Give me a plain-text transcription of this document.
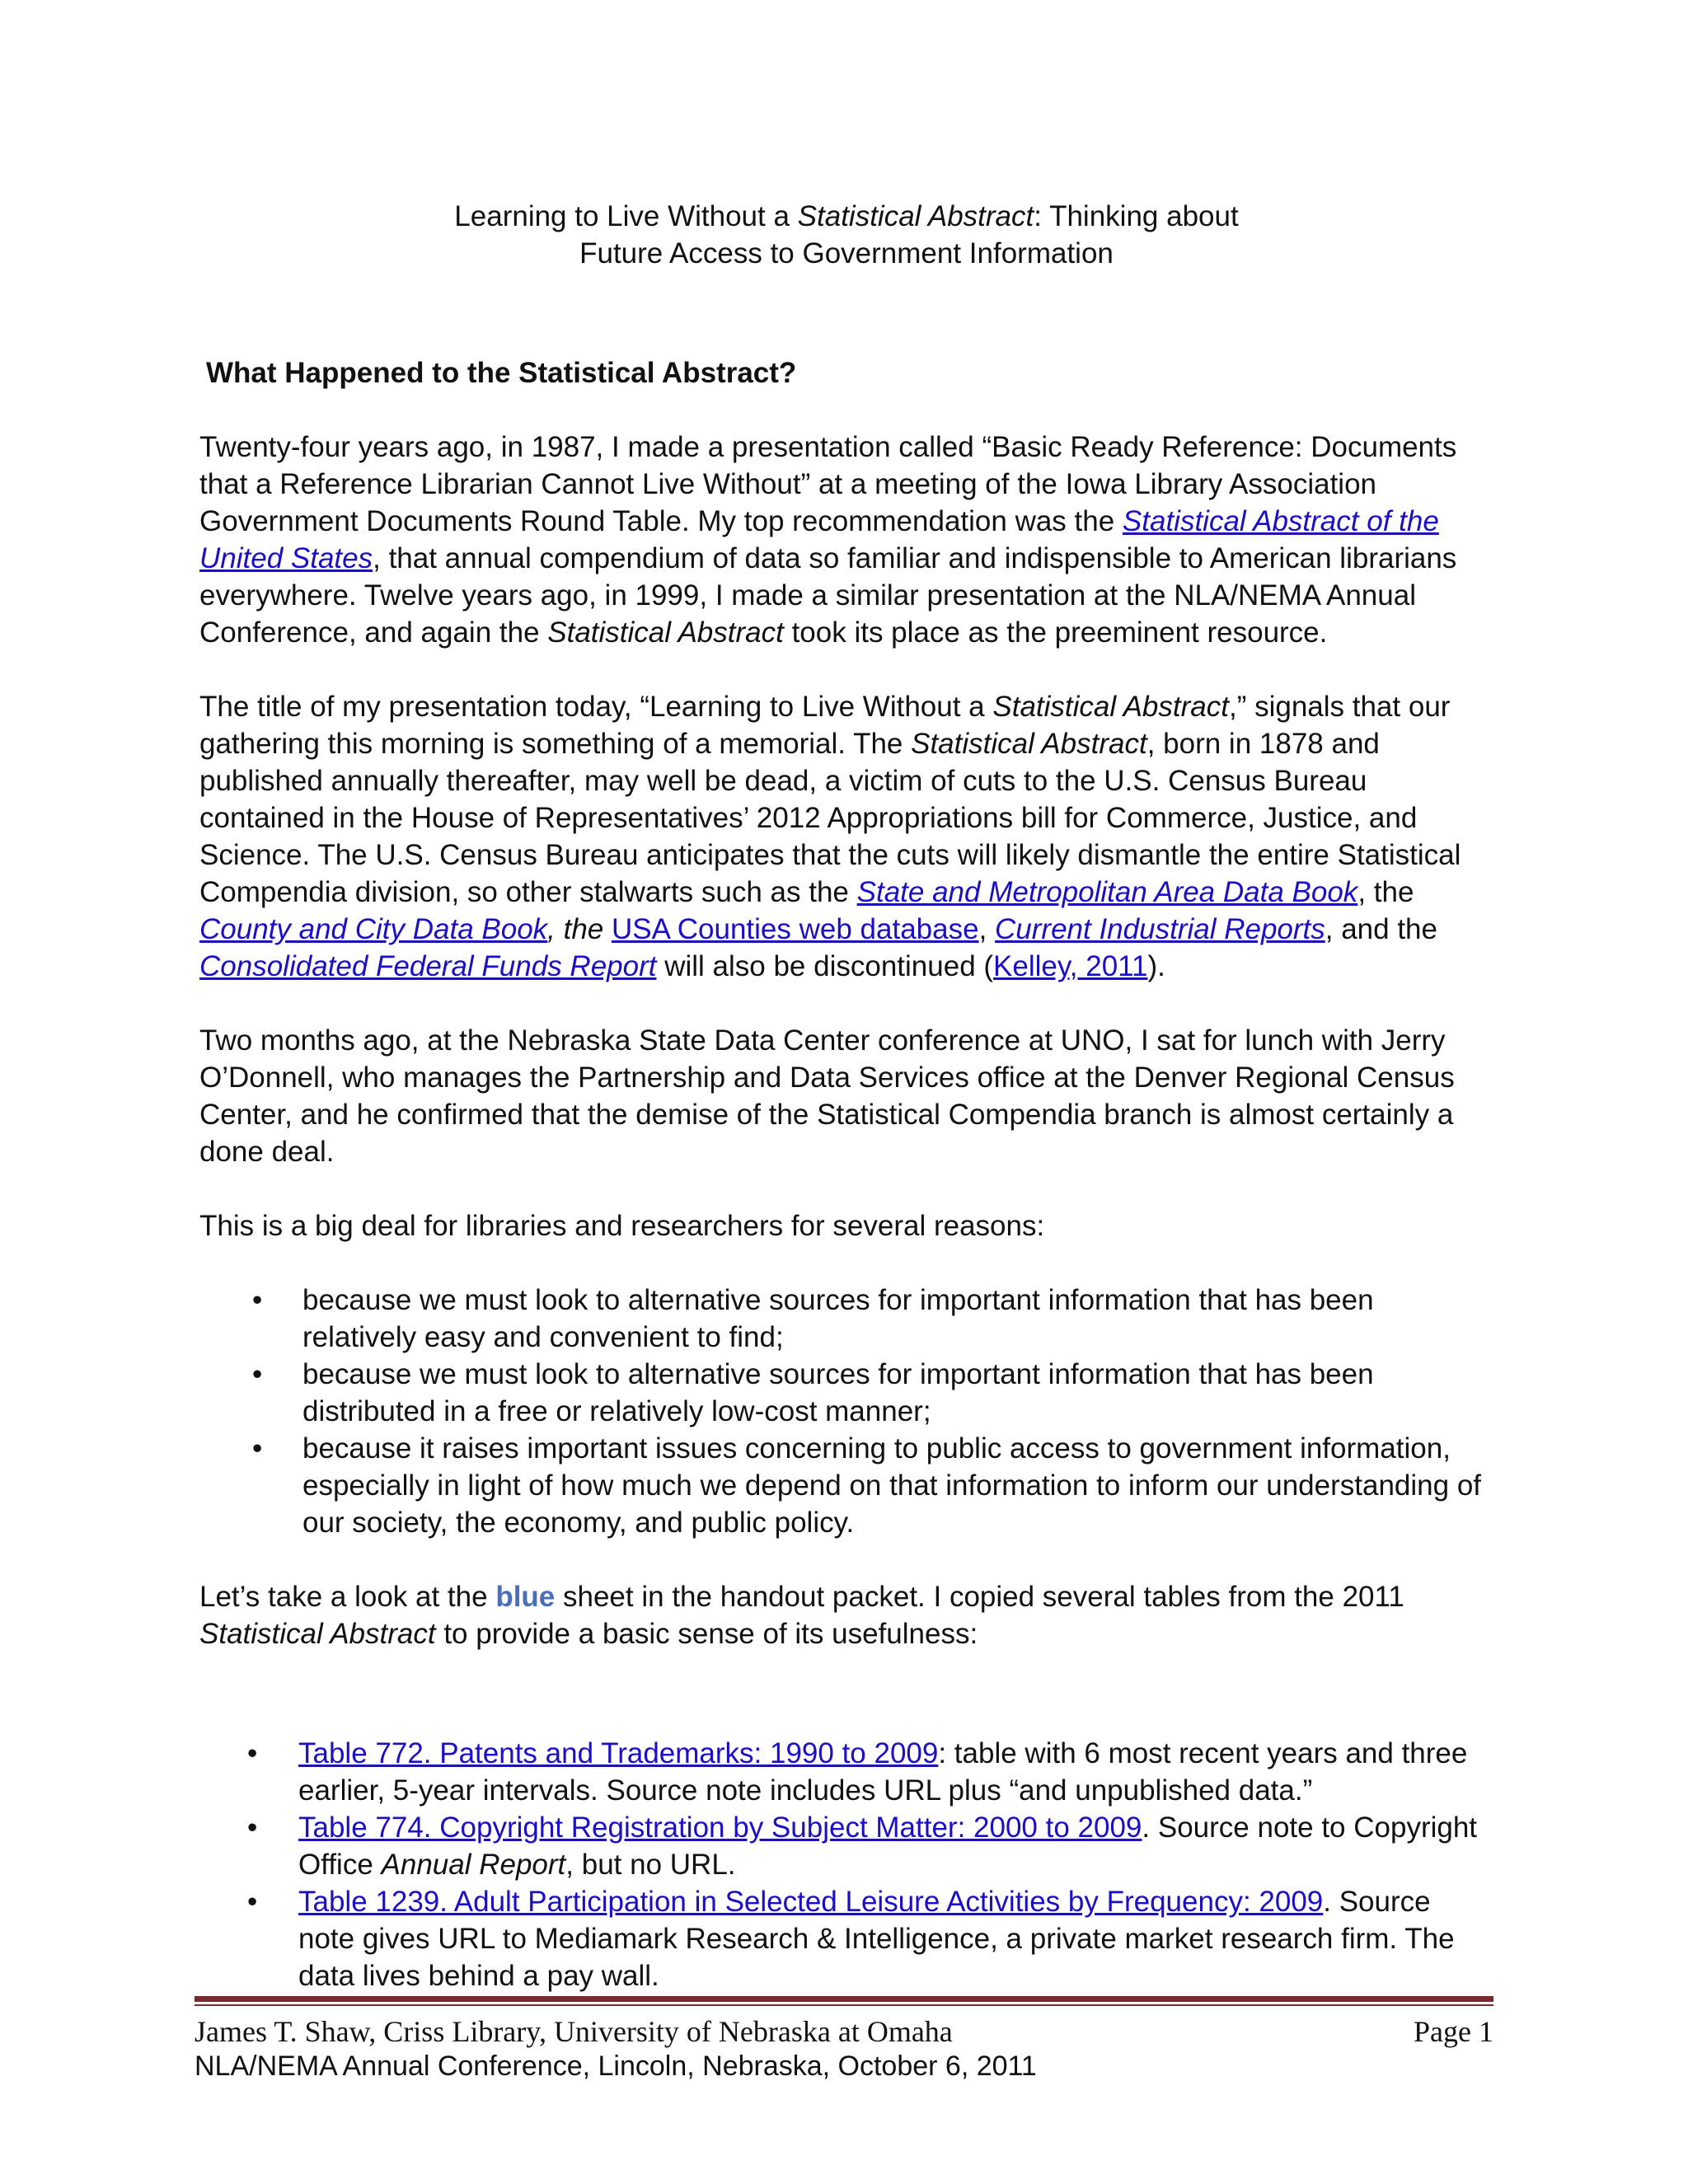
Learning to Live Without a Statistical Abstract: Thinking about
Future Access to Government Information
What Happened to the Statistical Abstract?

Twenty-four years ago, in 1987, I made a presentation called “Basic Ready Reference: Documents that a Reference Librarian Cannot Live Without” at a meeting of the Iowa Library Association Government Documents Round Table. My top recommendation was the Statistical Abstract of the United States, that annual compendium of data so familiar and indispensible to American librarians everywhere. Twelve years ago, in 1999, I made a similar presentation at the NLA/NEMA Annual Conference, and again the Statistical Abstract took its place as the preeminent resource.

The title of my presentation today, “Learning to Live Without a Statistical Abstract,” signals that our gathering this morning is something of a memorial. The Statistical Abstract, born in 1878 and published annually thereafter, may well be dead, a victim of cuts to the U.S. Census Bureau contained in the House of Representatives’ 2012 Appropriations bill for Commerce, Justice, and Science. The U.S. Census Bureau anticipates that the cuts will likely dismantle the entire Statistical Compendia division, so other stalwarts such as the State and Metropolitan Area Data Book, the County and City Data Book, the USA Counties web database, Current Industrial Reports, and the Consolidated Federal Funds Report will also be discontinued (Kelley, 2011).

Two months ago, at the Nebraska State Data Center conference at UNO, I sat for lunch with Jerry O’Donnell, who manages the Partnership and Data Services office at the Denver Regional Census Center, and he confirmed that the demise of the Statistical Compendia branch is almost certainly a done deal.

This is a big deal for libraries and researchers for several reasons:

• because we must look to alternative sources for important information that has been relatively easy and convenient to find;
• because we must look to alternative sources for important information that has been distributed in a free or relatively low-cost manner;
• because it raises important issues concerning to public access to government information, especially in light of how much we depend on that information to inform our understanding of our society, the economy, and public policy.

Let’s take a look at the blue sheet in the handout packet. I copied several tables from the 2011 Statistical Abstract to provide a basic sense of its usefulness:

• Table 772. Patents and Trademarks: 1990 to 2009: table with 6 most recent years and three earlier, 5-year intervals. Source note includes URL plus “and unpublished data.”
• Table 774. Copyright Registration by Subject Matter: 2000 to 2009. Source note to Copyright Office Annual Report, but no URL.
• Table 1239. Adult Participation in Selected Leisure Activities by Frequency: 2009. Source note gives URL to Mediamark Research & Intelligence, a private market research firm. The data lives behind a pay wall.
James T. Shaw, Criss Library, University of Nebraska at Omaha	Page 1
NLA/NEMA Annual Conference, Lincoln, Nebraska, October 6, 2011
